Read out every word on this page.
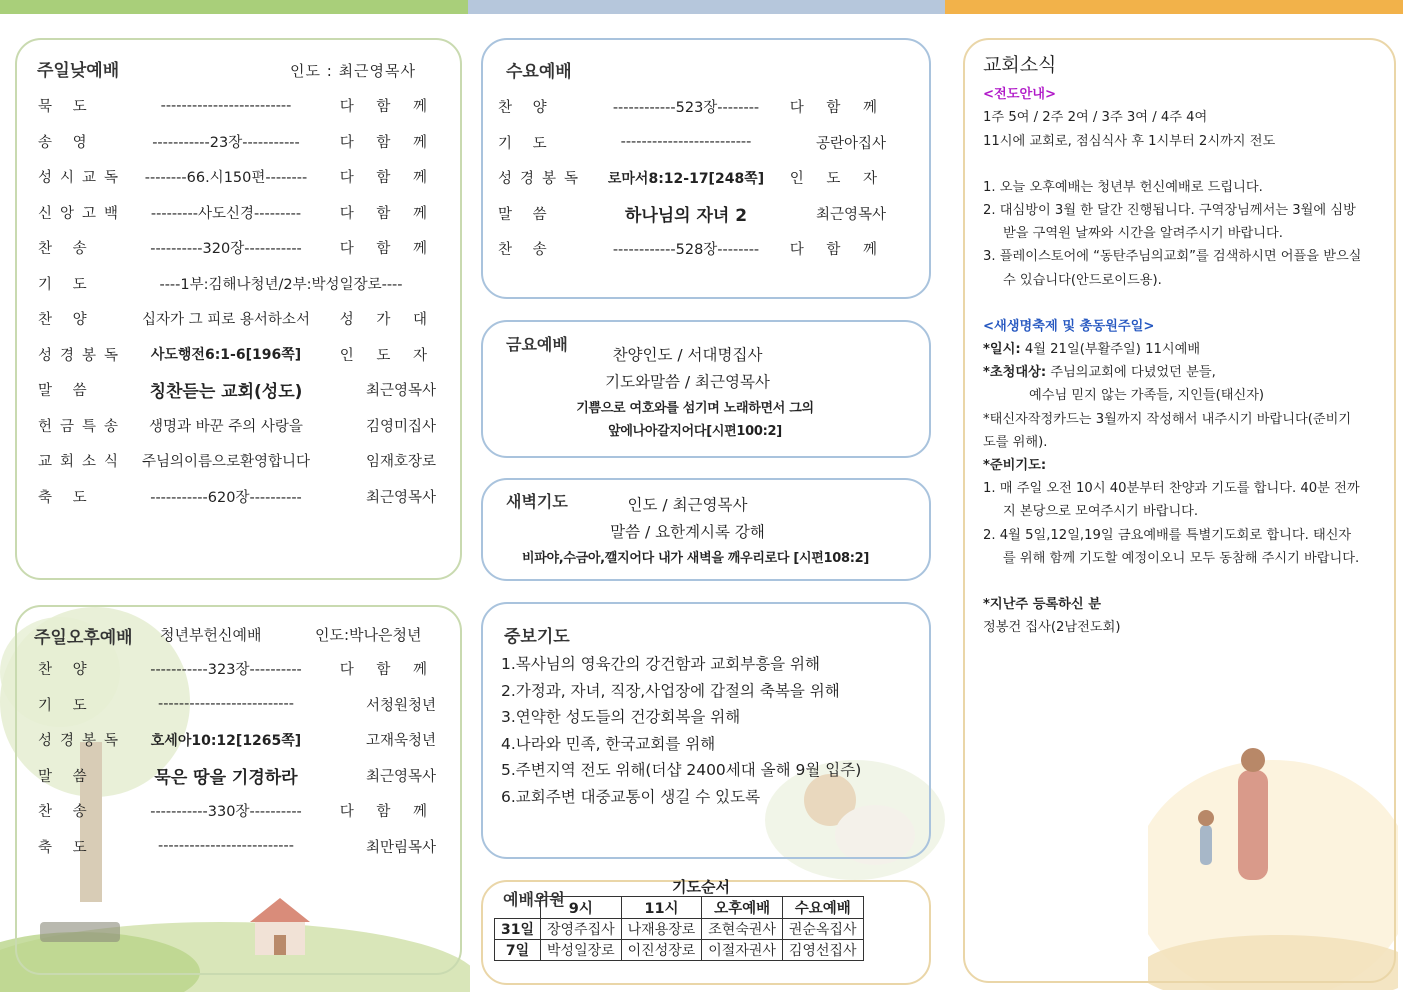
주일낮예배	인도 : 최근영목사
묵 도	-------------------------	다 함 께
송 영	-----------23장-----------	다 함 께
성시교독	--------66.시150편--------	다 함 께
신앙고백	---------사도신경---------	다 함 께
찬 송	----------320장-----------	다 함 께
기 도	----1부:김해나청년/2부:박성일장로----
찬 양	십자가 그 피로 용서하소서	성 가 대
성경봉독	사도행전6:1-6[196쪽]	인 도 자
말 씀	칭찬듣는 교회(성도)	최근영목사
헌금특송	생명과 바꾼 주의 사랑을	김영미집사
교회소식	주님의이름으로환영합니다	임재호장로
축 도	-----------620장----------	최근영목사
주일오후예배 청년부헌신예배	인도:박나은청년
찬 양	-----------323장----------	다 함 께
기 도	--------------------------	서청원청년
성경봉독	호세아10:12[1265쪽]	고재욱청년
말 씀	묵은 땅을 기경하라	최근영목사
찬 송	-----------330장----------	다 함 께
축 도	--------------------------	최만림목사
수요예배
찬 양	------------523장--------	다 함 께
기 도	-------------------------	공란아집사
성경봉독	로마서8:12-17[248쪽]	인 도 자
말 씀	하나님의 자녀 2	최근영목사
찬 송	------------528장--------	다 함 께
금요예배
찬양인도 / 서대명집사
기도와말씀 / 최근영목사
기쁨으로 여호와를 섬기며 노래하면서 그의
앞에나아갈지어다[시편100:2]
새벽기도	인도 / 최근영목사
말씀 / 요한계시록 강해
비파야,수금아,깰지어다 내가 새벽을 깨우리로다 [시편108:2]
중보기도
1.목사님의 영육간의 강건함과 교회부흥을 위해
2.가정과, 자녀, 직장,사업장에 갑절의 축복을 위해
3.연약한 성도들의 건강회복을 위해
4.나라와 민족, 한국교회를 위해
5.주변지역 전도 위해(더샵 2400세대 올해 9월 입주)
6.교회주변 대중교통이 생길 수 있도록
기도순서
예배위원
	9시	11시	오후예배	수요예배
31일	장영주집사	나재용장로	조현숙권사	권순옥집사
7일	박성일장로	이진성장로	이절자권사	김영선집사
교회소식
<전도안내>
1주 5여 / 2주 2여 / 3주 3여 / 4주 4여
11시에 교회로, 점심식사 후 1시부터 2시까지 전도
1. 오늘 오후예배는 청년부 헌신예배로 드립니다.
2. 대심방이 3월 한 달간 진행됩니다. 구역장님께서는 3월에 심방받을 구역원 날짜와 시간을 알려주시기 바랍니다.
3. 플레이스토어에 “동탄주님의교회”를 검색하시면 어플을 받으실 수 있습니다(안드로이드용).
<새생명축제 및 총동원주일>
*일시: 4월 21일(부활주일) 11시예배
*초청대상: 주님의교회에 다녔었던 분들,
예수님 믿지 않는 가족들, 지인들(태신자)
*태신자작정카드는 3월까지 작성해서 내주시기 바랍니다(준비기도를 위해).
*준비기도:
1. 매 주일 오전 10시 40분부터 찬양과 기도를 합니다. 40분 전까지 본당으로 모여주시기 바랍니다.
2. 4월 5일,12일,19일 금요예배를 특별기도회로 합니다. 태신자를 위해 함께 기도할 예정이오니 모두 동참해 주시기 바랍니다.
*지난주 등록하신 분
정봉건 집사(2남전도회)
